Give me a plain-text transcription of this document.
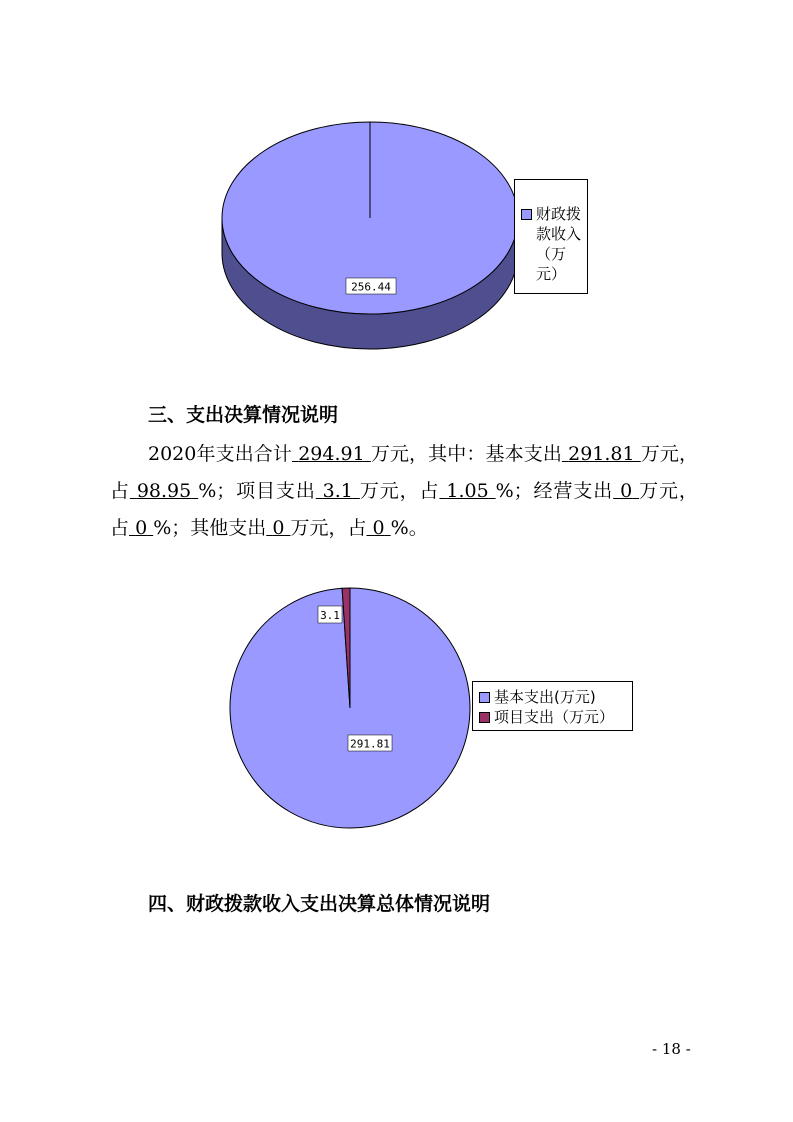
256.44
财政拨款收入（万元）
三、支出决算情况说明

2020年支出合计 294.91 万元，其中：基本支出 291.81 万元，占 98.95 %；项目支出 3.1 万元，占 1.05 %；经营支出 0 万元，占 0 %；其他支出 0 万元，占 0 %。

3.1
291.81
基本支出(万元)
项目支出（万元）
四、财政拨款收入支出决算总体情况说明
- 18 -
